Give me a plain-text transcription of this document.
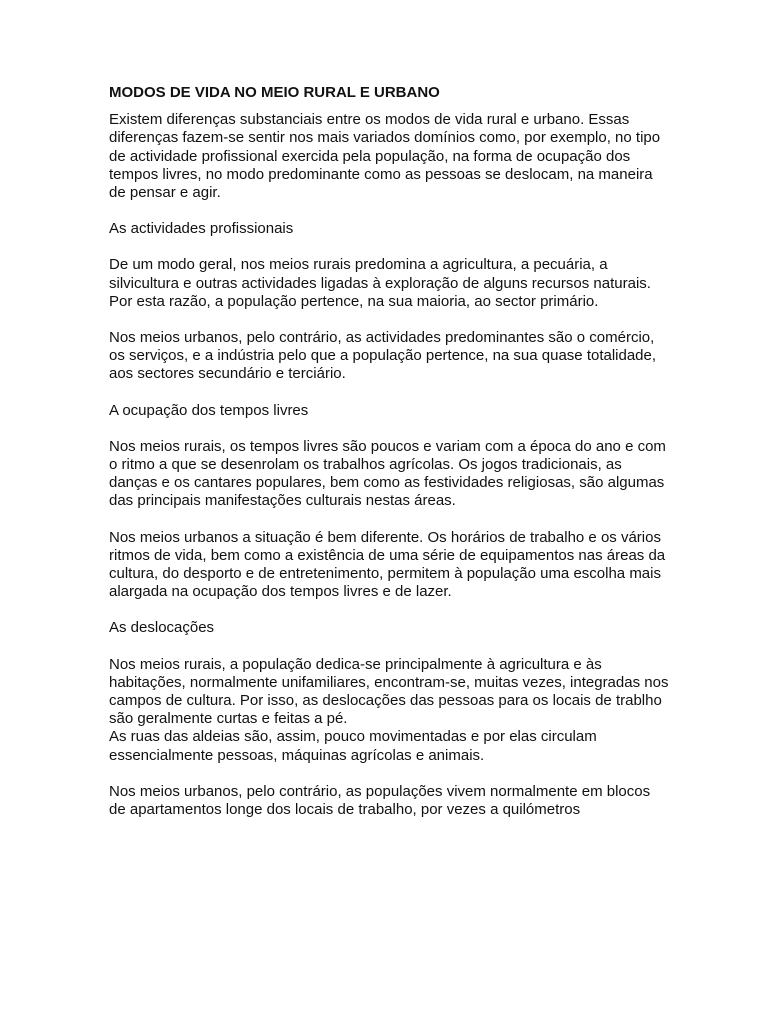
MODOS DE VIDA NO MEIO RURAL E URBANO

Existem diferenças substanciais entre os modos de vida rural e urbano. Essas diferenças fazem-se sentir nos mais variados domínios como, por exemplo, no tipo de actividade profissional exercida pela população, na forma de ocupação dos tempos livres, no modo predominante como as pessoas se deslocam, na maneira de pensar e agir.

As actividades profissionais

De um modo geral, nos meios rurais predomina a agricultura, a pecuária, a silvicultura e outras actividades ligadas à exploração de alguns recursos naturais. Por esta razão, a população pertence, na sua maioria, ao sector primário.

Nos meios urbanos, pelo contrário, as actividades predominantes são o comércio, os serviços, e a indústria pelo que a população pertence, na sua quase totalidade, aos sectores secundário e terciário.

A ocupação dos tempos livres

Nos meios rurais, os tempos livres são poucos e variam com a época do ano e com o ritmo a que se desenrolam os trabalhos agrícolas. Os jogos tradicionais, as danças e os cantares populares, bem como as festividades religiosas, são algumas das principais manifestações culturais nestas áreas.

Nos meios urbanos a situação é bem diferente. Os horários de trabalho e os vários ritmos de vida, bem como a existência de uma série de equipamentos nas áreas da cultura, do desporto e de entretenimento, permitem à população uma escolha mais alargada na ocupação dos tempos livres e de lazer.

As deslocações

Nos meios rurais, a população dedica-se principalmente à agricultura e às habitações, normalmente unifamiliares, encontram-se, muitas vezes, integradas nos campos de cultura. Por isso, as deslocações das pessoas para os locais de trablho são geralmente curtas e feitas a pé.

As ruas das aldeias são, assim, pouco movimentadas e por elas circulam essencialmente pessoas, máquinas agrícolas e animais.

Nos meios urbanos, pelo contrário, as populações vivem normalmente em blocos de apartamentos longe dos locais de trabalho, por vezes a quilómetros
